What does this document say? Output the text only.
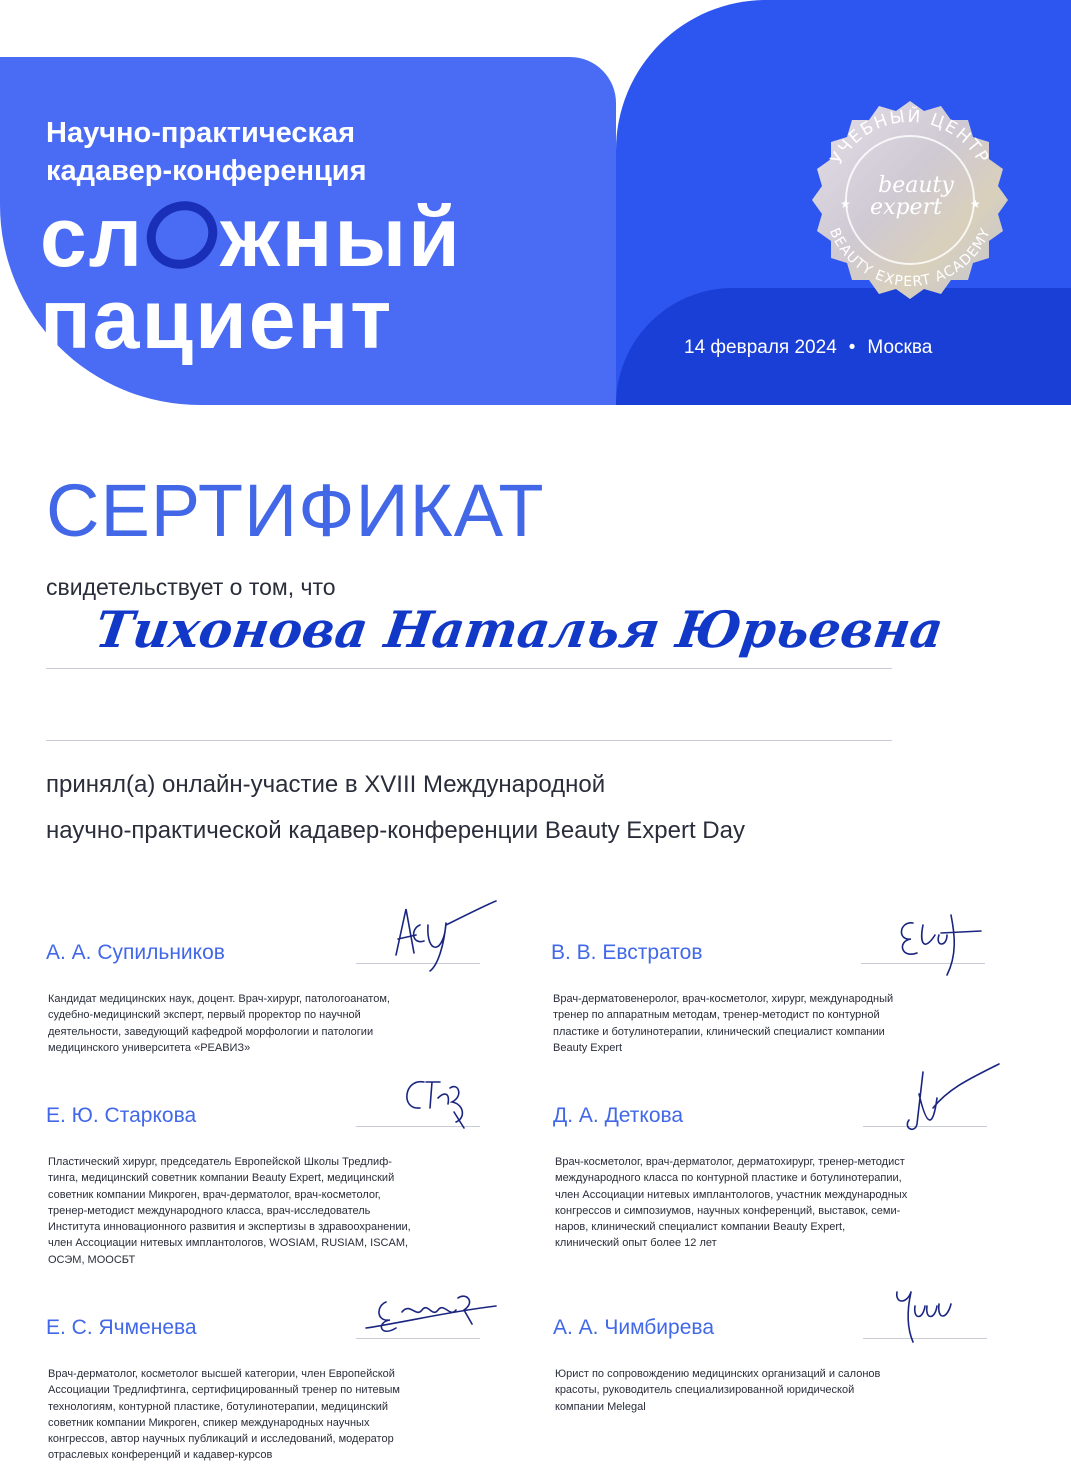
Научно-практическая
кадавер-конференция

сл жный
пациент
УЧЕБНЫЙ ЦЕНТР
BEAUTY EXPERT ACADEMY
beauty
expert
★	★
14 февраля 2024 • Москва
СЕРТИФИКАТ
свидетельствует о том, что
Тихонова Наталья Юрьевна

принял(а) онлайн-участие в XVIII Международной
научно-практической кадавер-конференции Beauty Expert Day

А. А. Супильников

Кандидат медицинских наук, доцент. Врач-хирург, патологоанатом,
судебно-медицинский эксперт, первый проректор по научной
деятельности, заведующий кафедрой морфологии и патологии
медицинского университета «РЕАВИЗ»

В. В. Евстратов

Врач-дерматовенеролог, врач-косметолог, хирург, международный
тренер по аппаратным методам, тренер-методист по контурной
пластике и ботулинотерапии, клинический специалист компании
Beauty Expert

Е. Ю. Старкова

Пластический хирург, председатель Европейской Школы Тредлиф-
тинга, медицинский советник компании Beauty Expert, медицинский
советник компании Микроген, врач-дерматолог, врач-косметолог,
тренер-методист международного класса, врач-исследователь
Института инновационного развития и экспертизы в здравоохранении,
член Ассоциации нитевых имплантологов, WOSIAM, RUSIAM, ISCAM,
ОСЭМ, МООСБТ

Д. А. Деткова

Врач-косметолог, врач-дерматолог, дерматохирург, тренер-методист
международного класса по контурной пластике и ботулинотерапии,
член Ассоциации нитевых имплантологов, участник международных
конгрессов и симпозиумов, научных конференций, выставок, семи-
наров, клинический специалист компании Beauty Expert,
клинический опыт более 12 лет

Е. С. Ячменева

Врач-дерматолог, косметолог высшей категории, член Европейской
Ассоциации Тредлифтинга, сертифицированный тренер по нитевым
технологиям, контурной пластике, ботулинотерапии, медицинский
советник компании Микроген, спикер международных научных
конгрессов, автор научных публикаций и исследований, модератор
отраслевых конференций и кадавер-курсов

А. А. Чимбирева

Юрист по сопровождению медицинских организаций и салонов
красоты, руководитель специализированной юридической
компании Melegal
